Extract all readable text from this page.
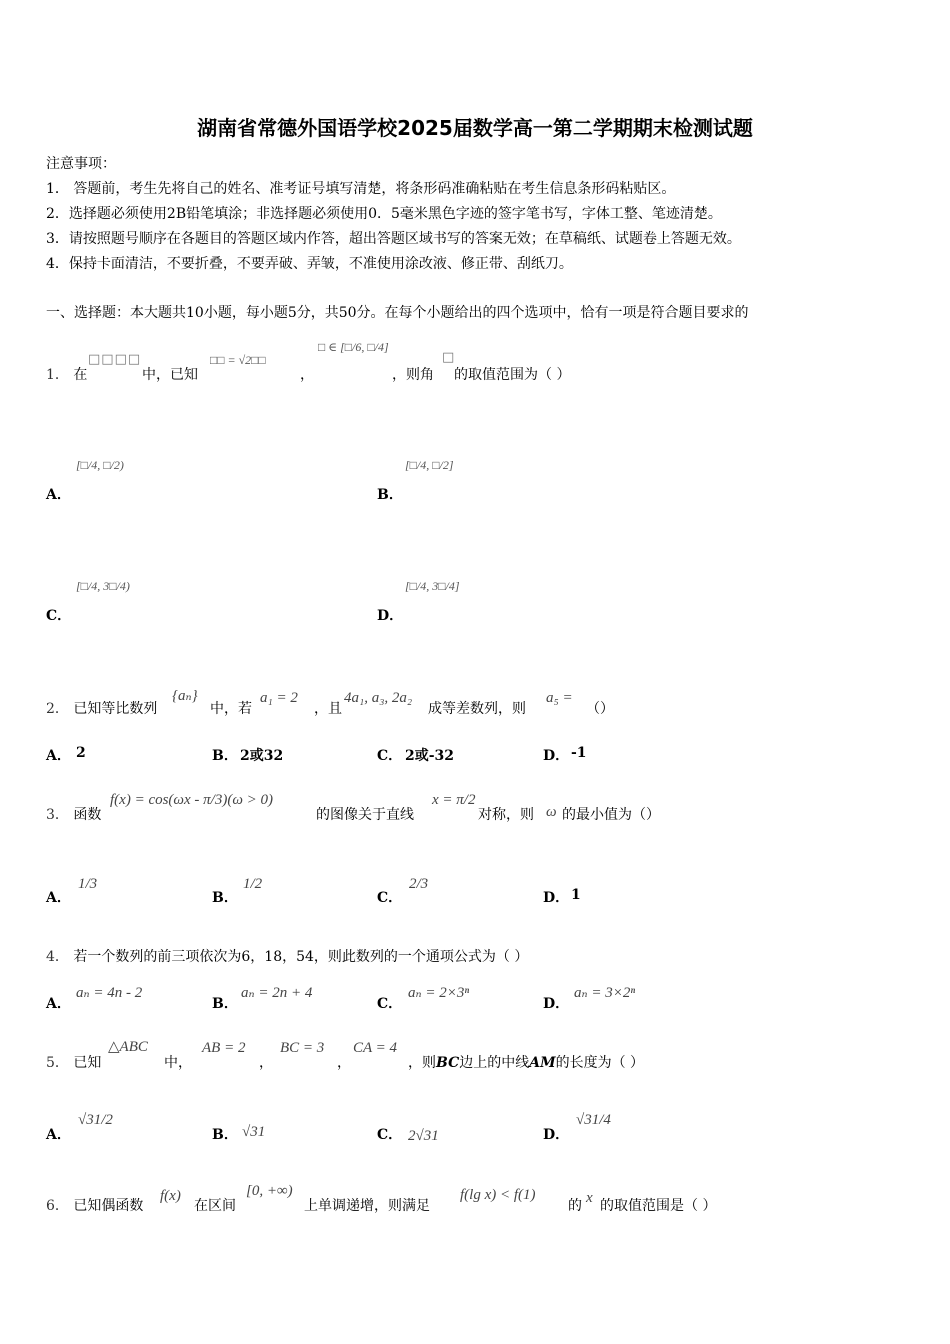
湖南省常德外国语学校2025届数学高一第二学期期末检测试题
注意事项：
1． 答题前，考生先将自己的姓名、准考证号填写清楚，将条形码准确粘贴在考生信息条形码粘贴区。
2．选择题必须使用2B铅笔填涂；非选择题必须使用0．5毫米黑色字迹的签字笔书写，字体工整、笔迹清楚。
3．请按照题号顺序在各题目的答题区域内作答，超出答题区域书写的答案无效；在草稿纸、试题卷上答题无效。
4．保持卡面清洁，不要折叠，不要弄破、弄皱，不准使用涂改液、修正带、刮纸刀。
一、选择题：本大题共10小题，每小题5分，共50分。在每个小题给出的四个选项中，恰有一项是符合题目要求的
1． 在
□□□□
中，已知
□□ = √2□□
，
□ ∈ [□/6, □/4]
，则角
□
的取值范围为（ ）
A．
[□/4, □/2)
B．
[□/4, □/2]
C．
[□/4, 3□/4)
D．
[□/4, 3□/4]
2． 已知等比数列
{aₙ}
中，若
a₁ = 2
，且
4a₁, a₃, 2a₂
成等差数列，则
a₅ =
（）
A． 2	B． 2或32	C． 2或-32	D． -1
3． 函数
f(x) = cos(ωx - π/3)(ω > 0)
的图像关于直线
x = π/2
对称，则 ω 的最小值为（）
A．
1/3
B．
1/2
C．
2/3
D． 1
4． 若一个数列的前三项依次为6，18，54，则此数列的一个通项公式为（ ）
A．
aₙ = 4n - 2
B．
aₙ = 2n + 4
C．
aₙ = 2×3ⁿ
D．
aₙ = 3×2ⁿ
5． 已知
△ABC
中，
AB = 2
，
BC = 3
，
CA = 4
，则BC边上的中线AM的长度为（ ）
A．
√31/2
B． √31	C． 2√31	D．
√31/4
6． 已知偶函数
f(x)
在区间
[0, +∞)
上单调递增，则满足
f(lg x) < f(1)
的 x 的取值范围是（ ）
